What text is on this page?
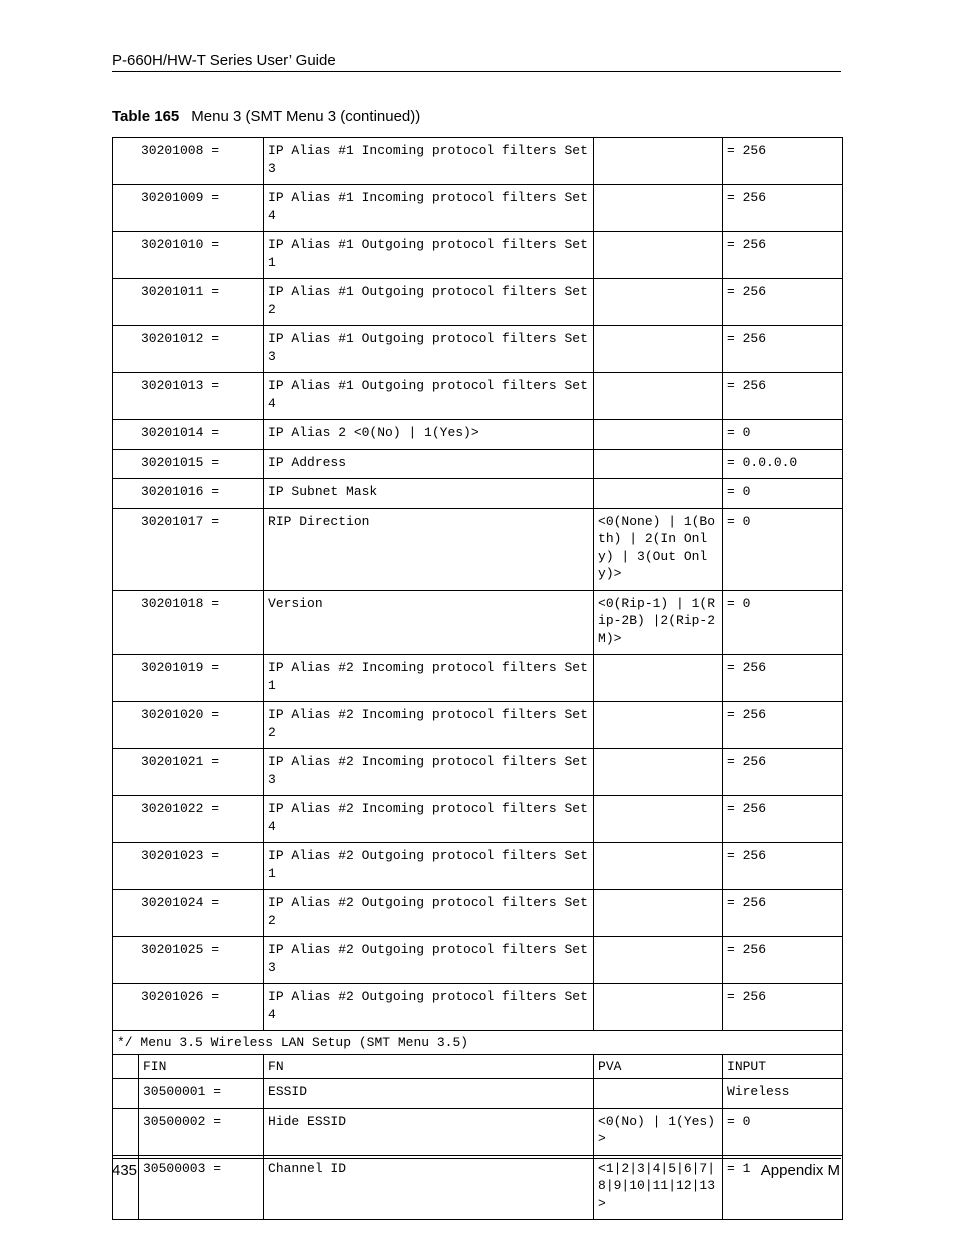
P-660H/HW-T Series User’ Guide
Table 165 Menu 3 (SMT Menu 3 (continued))
30201008 =		IP Alias #1 Incoming protocol filters Set 3		= 256
30201009 =		IP Alias #1 Incoming protocol filters Set 4		= 256
30201010 =		IP Alias #1 Outgoing protocol filters Set 1		= 256
30201011 =		IP Alias #1 Outgoing protocol filters Set 2		= 256
30201012 =		IP Alias #1 Outgoing protocol filters Set 3		= 256
30201013 =		IP Alias #1 Outgoing protocol filters Set 4		= 256
30201014 =		IP Alias 2 <0(No) | 1(Yes)>		= 0
30201015 =		IP Address		= 0.0.0.0
30201016 =		IP Subnet Mask		= 0
30201017 =		RIP Direction	<0(None) | 1(Both) | 2(In Only) | 3(Out Only)>	= 0
30201018 =		Version	<0(Rip-1) | 1(Rip-2B) |2(Rip-2M)>	= 0
30201019 =		IP Alias #2 Incoming protocol filters Set 1		= 256
30201020 =		IP Alias #2 Incoming protocol filters Set 2		= 256
30201021 =		IP Alias #2 Incoming protocol filters Set 3		= 256
30201022 =		IP Alias #2 Incoming protocol filters Set 4		= 256
30201023 =		IP Alias #2 Outgoing protocol filters Set 1		= 256
30201024 =		IP Alias #2 Outgoing protocol filters Set 2		= 256
30201025 =		IP Alias #2 Outgoing protocol filters Set 3		= 256
30201026 =		IP Alias #2 Outgoing protocol filters Set 4		= 256
*/ Menu 3.5 Wireless LAN Setup (SMT Menu 3.5)				
	FIN	FN	PVA	INPUT
	30500001 =	ESSID		Wireless
	30500002 =	Hide ESSID	<0(No) | 1(Yes)>	= 0
	30500003 =	Channel ID	<1|2|3|4|5|6|7|8|9|10|11|12|13>	= 1
435	Appendix M
